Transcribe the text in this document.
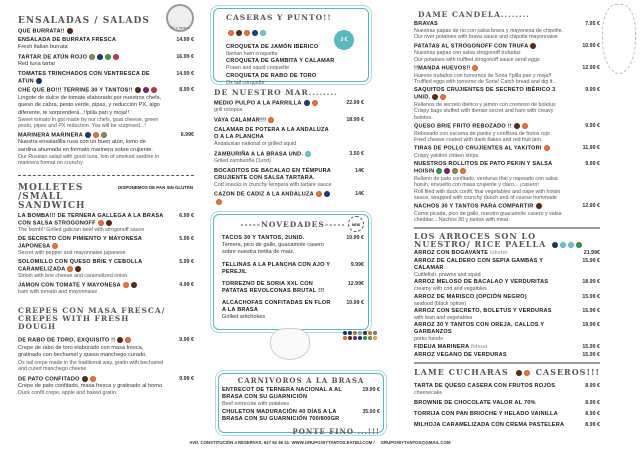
30 y tantos
ENSALADAS / SALADS
QUE BURRATA!!
ENSALADA DE BURRATA FRESCA	14.99 €
Fresh italian burrata
TARTAR DE ATÚN ROJO	16.99 €
Red tuna tartar
TOMATES TRINCHADOS CON VENTRESCA DE ATUN
14.99 €
CHE QUE BO!!! TERRINE 30 Y TANTOS!!	8.99 €
Lingote de dulce de tomate elaborado por nuestros chefs, queso de cabra, pesto verde, pipas, y reducción PX, algo diferente, te sorprenderá...!!pilla pan y moja!!
Sweet tomato in got made by our chefs, goat cheese, green pesto, pipes and PX reduction. You will be surprised...!
MARINERA MARINERA	6.99€
Nuestra ensaladilla rusa con un buen atún, lomo de sardina ahumada en formato marinera sobre crujiente.
Our Russian salad with good tuna, loin of smoked sardine in marinera format on crunchy.
MOLLETES /SMALL SANDWICH
DISPONEMOS DE PAN SIN GLUTEN
LA BOMBA!!! DE TERNERA GALLEGA A LA BRASA CON SALSA STROGONOFF
6.99 €
The bomb!! Grilled galician beef with strogonoff sauce
DE SECRETO CON PIMIENTO Y MAYONESA JAPONESA
5.99 €
Secret with pepper and mayonnaise japanese
SOLOMILLO CON QUESO BRIE Y CEBOLLA CARAMELIZADA
5.99 €
Sirloin with brie cheese and caramelized onion.
JAMON CON TOMATE Y MAYONESA	4.99 €
ham with tomato and mayonnaise
CREPES CON MASA FRESCA/ CREPES WITH FRESH DOUGH
DE RABO DE TORO, EXQUISITO !!	9.99 €
Crepe de rabo de toro elaborado con masa fresca, gratinado con bechamel y queso manchego curado.
Ox tail crepe made in the traditional way, gratin with bechamel and cured manchego cheese
DE PATO CONFITADO	9.99 €
Crepe de pato confitado, masa fresca y gratinado al horno.
Duck confit crepe, apple and baked gratin.
CASERAS Y PUNTO!!
3 €
CROQUETA DE JAMÓN IBERICO
Iberian ham croquette
CROQUETA DE GAMBITA Y CALAMAR
Prawn and squid croquette
CROQUETA DE RABO DE TORO
Ox tail corquette
DE NUESTRO MAR........
MEDIO PULPO A LA PARRILLA	22.99 €
grill octopus
VAYA CALAMAR!!!	18.99 €
CALAMAR DE POTERA A LA ANDALUZA O A LA PLANCHA
Andalusian national or grilled squid
ZAMBURIÑA A LA BRASA UND.	3.50 €
Griled zamburiña (1unit)
BOCADITOS DE BACALAO EN TÉMPURA CRUJIENTE CON SALSA TARTARA.
14€
Cod snacks in crunchy tempura with tartare sauce
CAZON DE CADIZ A LA ANDALUZA	14€
-----NOVEDADES-----	NEW
TACOS 30 Y TANTOS, 2UNID.	10.99 €
Temera, pico de gallo, guacamole casero sobre nuestra tortita de maiz.
TELLINAS A LA PLANCHA CON AJO Y PEREJIL
9.99€
TORREZNO DE SORIA XXL CON PATATAS REVOLCONAS BRUTAL !!!
12.99€
ALCACHOFAS CONFITADAS EN FLOR A LA BRASA
10.99 €
Grilled artichokes
CARNIVOROS A LA BRASA
ENTRECOT DE TERNERA NACIONAL A AL BRASA CON SU GUARNICIÓN
19.99 €
Beef entrecote with potatoes
CHULETON MADURACIÓN 40 DÍAS A LA BRASA CON SU GUARNICIÓN 700/800GR
35.00 €
PONTE FINO ...!!!
DAME CANDELA........
BRAVAS	7.95 €
Nuestras papas de rio con salsa brava y mayonesa de chipotle.
Our river potatoes with brava sauce and chipotle mayonnaise
PATATAS AL STROGONOFF CON TRUFA	10.99 €
Nuestras papas con salsa strogonoff trufadas
Our potatoes with truffied strogonoff sauce send eggs
!!MANDA HUEVOS!!	12.99 €
Huevos trufados con torreznos de Soria !!pilla pan y moja!!
Truffled eggs with torrezno de Soria! Catch bread and dip it...
SAQUITOS CRUJIENTES DE SECRETO IBÉRICO 3 UNID.
9.99 €
Rellenos de secreto ibérico y jamón con cremoso de boletus
Crispy bags stuffed with iberian secret and ham with creavy boletus.
QUESO BRIE FRITO REBOZADO !!	9.99 €
Rebozado con escama de panko y confitura de frutos rojo
Fried cheese coated with dank flakes and red fruit jam.
TIRAS DE POLLO CRUJIENTES AL YAKITORI	11.99 €
Crispy yakitori chiken strips.
NUESTROS ROLLITOS DE PATO PEKIN Y SALSA HOISIN
9.99 €
Relleno de pato confitado, verduras thai y napeado con salsa hoisin, envuelto con masa crujiente y claro... ¡casero!
Roll filed with duck confit, thai vegetables and nape with hoisin sauce, wrapped with crunchy douch and of course hommade
NACHOS 30 Y TANTOS PARA COMPARTIR	12.99 €
Carne picada, pico de gallo, nuestro guacamole casero y salsa cheddar... Nachos 30 y tantos with meat
LOS ARROCES SON LO NUESTRO/ RICE PAELLA
ARROZ CON BOGAVANTE lobster	21.99€
ARROZ DE CALDERO CON SEPIA GAMBAS Y CALAMAR
15.99 €
Cuttlefish, prawns and squid
ARROZ MELOSO DE BACALAO Y VERDURITAS	18.99 €
creamy with cod and vegatbles
ARROZ DE MARISCO (OPCIÓN NEGRO)	15.99 €
seafood (black option)
ARROZ CON SECRETO, BOLETUS Y VERDURAS	15.99 €
with lean and vegetables
ARROZ 30 Y TANTOS CON OREJA, CALLOS Y GARBANZOS
19.99 €
porks hands
FIDEUA MARINERA fideua	15.99 €
ARROZ VEGANO DE VERDURAS	15.99 €
LAME CUCHARAS	CASEROS!!!
TARTA DE QUESO CASERA CON FRUTOS ROJOS	8.99 €
cheesecake
BROWNIE DE CHOCOLATE VALOR AL 70%	8.99 €
TORRIJA CON PAN BRIOCHE Y HELADO VAINILLA	8.99 €
MILHOJA CARAMELIZADA CON CREMA PASTELERA	8.99 €
AVD. CONSTITUCIÓN 4 RESERVAS: 627 92 46 41· WWW.GRUPO30YTANTOS.EATBU.COM /     GRUPO30YTANTOS@GMAIL.COM
